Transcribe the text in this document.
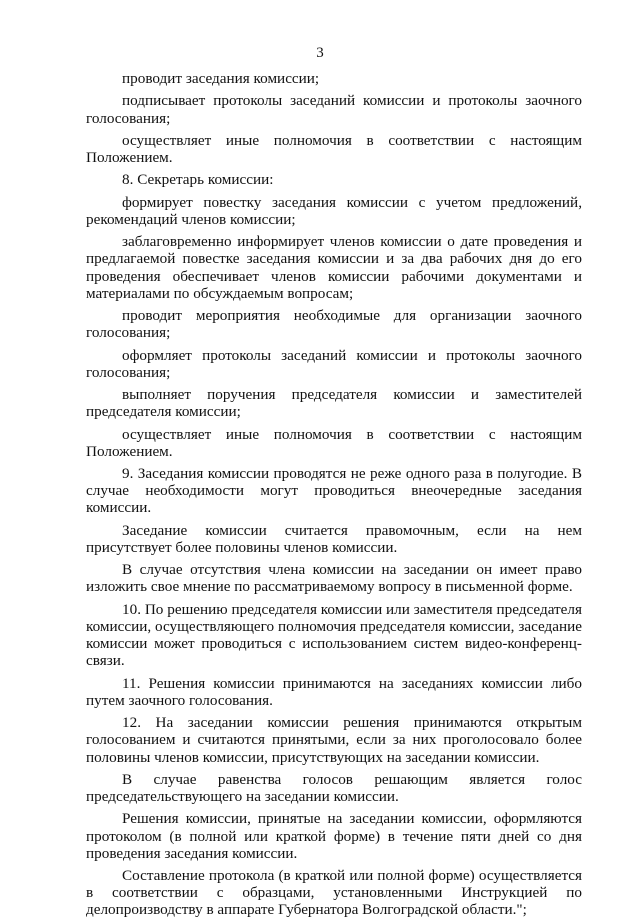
3

проводит заседания комиссии;

подписывает протоколы заседаний комиссии и протоколы заочного голосования;

осуществляет иные полномочия в соответствии с настоящим Положением.

8. Секретарь комиссии:

формирует повестку заседания комиссии с учетом предложений, рекомендаций членов комиссии;

заблаговременно информирует членов комиссии о дате проведения и предлагаемой повестке заседания комиссии и за два рабочих дня до его проведения обеспечивает членов комиссии рабочими документами и материалами по обсуждаемым вопросам;

проводит мероприятия необходимые для организации заочного голосования;

оформляет протоколы заседаний комиссии и протоколы заочного голосования;

выполняет поручения председателя комиссии и заместителей председателя комиссии;

осуществляет иные полномочия в соответствии с настоящим Положением.

9. Заседания комиссии проводятся не реже одного раза в полугодие. В случае необходимости могут проводиться внеочередные заседания комиссии.

Заседание комиссии считается правомочным, если на нем присутствует более половины членов комиссии.

В случае отсутствия члена комиссии на заседании он имеет право изложить свое мнение по рассматриваемому вопросу в письменной форме.

10. По решению председателя комиссии или заместителя председателя комиссии, осуществляющего полномочия председателя комиссии, заседание комиссии может проводиться с использованием систем видео-конференц-связи.

11. Решения комиссии принимаются на заседаниях комиссии либо путем заочного голосования.

12. На заседании комиссии решения принимаются открытым голосованием и считаются принятыми, если за них проголосовало более половины членов комиссии, присутствующих на заседании комиссии.

В случае равенства голосов решающим является голос председательствующего на заседании комиссии.

Решения комиссии, принятые на заседании комиссии, оформляются протоколом (в полной или краткой форме) в течение пяти дней со дня проведения заседания комиссии.

Составление протокола (в краткой или полной форме) осуществляется в соответствии с образцами, установленными Инструкцией по делопроизводству в аппарате Губернатора Волгоградской области.";
